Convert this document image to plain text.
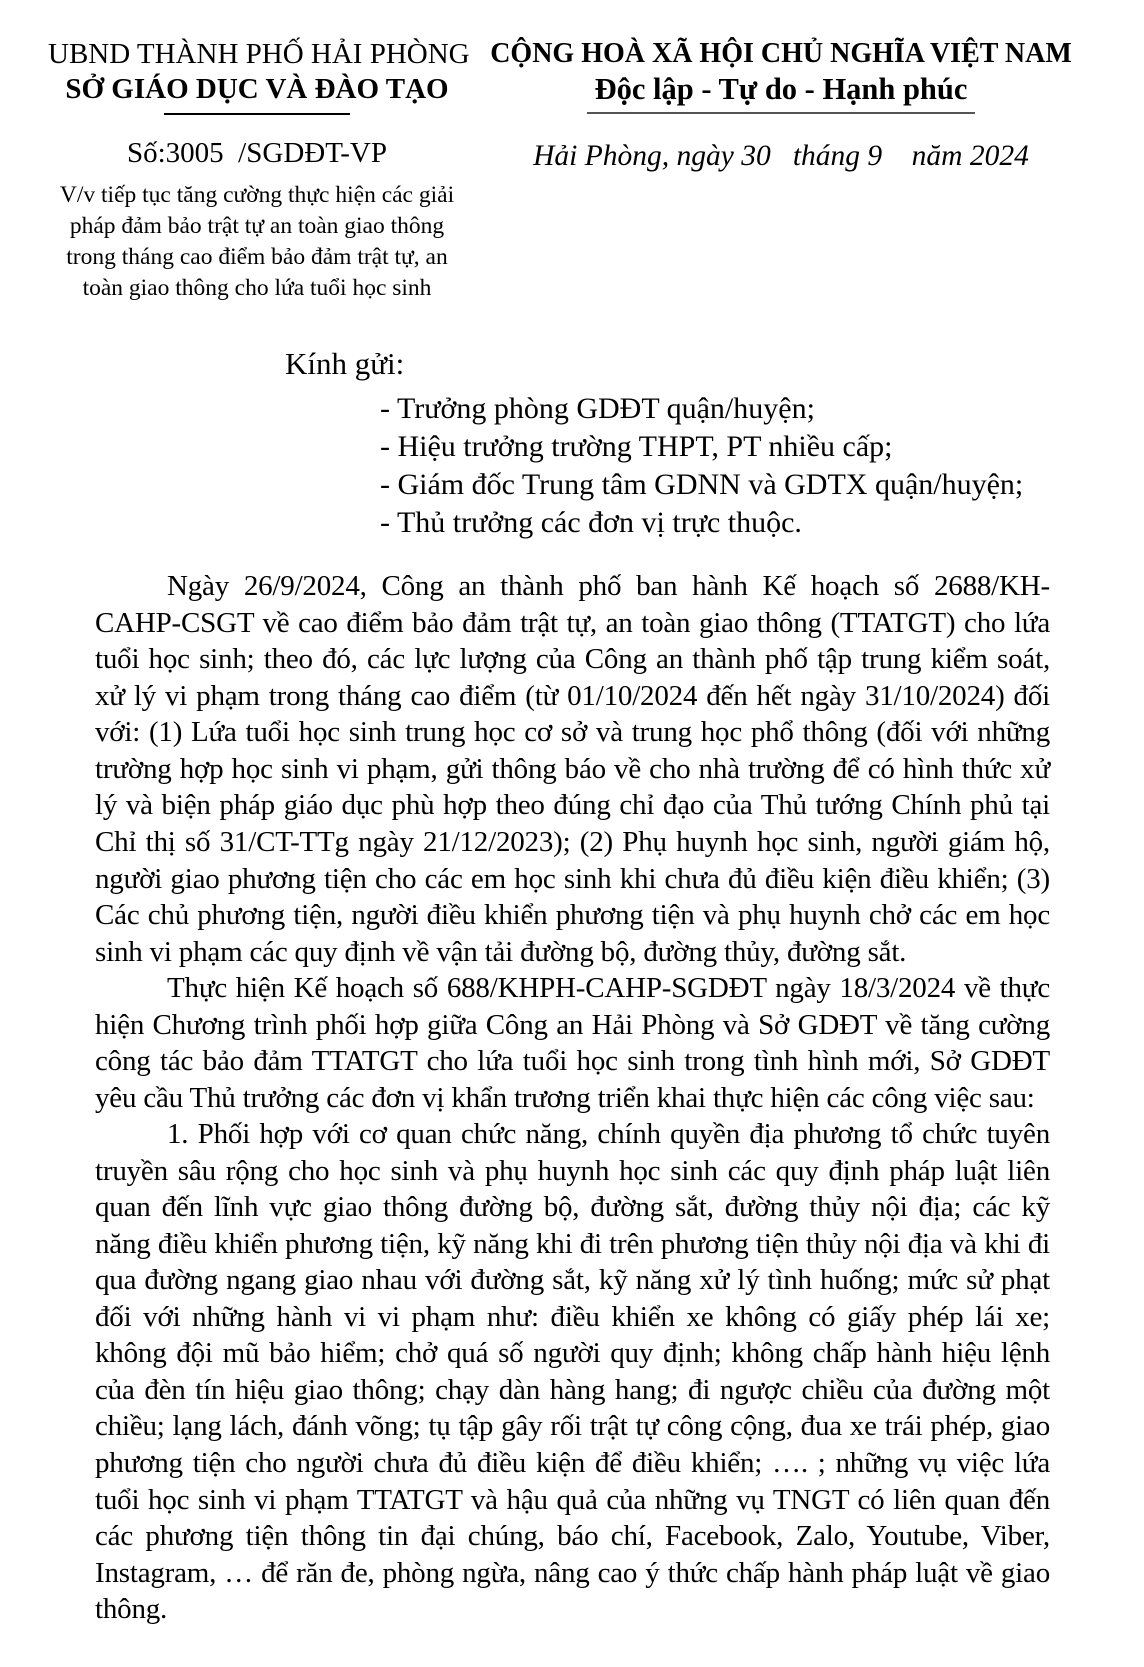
UBND THÀNH PHỐ HẢI PHÒNG
SỞ GIÁO DỤC VÀ ĐÀO TẠO
Số:3005  /SGDĐT-VP
V/v tiếp tục tăng cường thực hiện các giải pháp đảm bảo trật tự an toàn giao thông trong tháng cao điểm bảo đảm trật tự, an toàn giao thông cho lứa tuổi học sinh
CỘNG HOÀ XÃ HỘI CHỦ NGHĨA VIỆT NAM
Độc lập - Tự do - Hạnh phúc
Hải Phòng, ngày 30   tháng 9    năm 2024
Kính gửi:
- Trưởng phòng GDĐT quận/huyện;
- Hiệu trưởng trường THPT, PT nhiều cấp;
- Giám đốc Trung tâm GDNN và GDTX quận/huyện;
- Thủ trưởng các đơn vị trực thuộc.

Ngày 26/9/2024, Công an thành phố ban hành Kế hoạch số 2688/KH-CAHP-CSGT về cao điểm bảo đảm trật tự, an toàn giao thông (TTATGT) cho lứa tuổi học sinh; theo đó, các lực lượng của Công an thành phố tập trung kiểm soát, xử lý vi phạm trong tháng cao điểm (từ 01/10/2024 đến hết ngày 31/10/2024) đối với: (1) Lứa tuổi học sinh trung học cơ sở và trung học phổ thông (đối với những trường hợp học sinh vi phạm, gửi thông báo về cho nhà trường để có hình thức xử lý và biện pháp giáo dục phù hợp theo đúng chỉ đạo của Thủ tướng Chính phủ tại Chỉ thị số 31/CT-TTg ngày 21/12/2023); (2) Phụ huynh học sinh, người giám hộ, người giao phương tiện cho các em học sinh khi chưa đủ điều kiện điều khiển; (3) Các chủ phương tiện, người điều khiển phương tiện và phụ huynh chở các em học sinh vi phạm các quy định về vận tải đường bộ, đường thủy, đường sắt.

Thực hiện Kế hoạch số 688/KHPH-CAHP-SGDĐT ngày 18/3/2024 về thực hiện Chương trình phối hợp giữa Công an Hải Phòng và Sở GDĐT về tăng cường công tác bảo đảm TTATGT cho lứa tuổi học sinh trong tình hình mới, Sở GDĐT yêu cầu Thủ trưởng các đơn vị khẩn trương triển khai thực hiện các công việc sau:

1. Phối hợp với cơ quan chức năng, chính quyền địa phương tổ chức tuyên truyền sâu rộng cho học sinh và phụ huynh học sinh các quy định pháp luật liên quan đến lĩnh vực giao thông đường bộ, đường sắt, đường thủy nội địa; các kỹ năng điều khiển phương tiện, kỹ năng khi đi trên phương tiện thủy nội địa và khi đi qua đường ngang giao nhau với đường sắt, kỹ năng xử lý tình huống; mức sử phạt đối với những hành vi vi phạm như: điều khiển xe không có giấy phép lái xe; không đội mũ bảo hiểm; chở quá số người quy định; không chấp hành hiệu lệnh của đèn tín hiệu giao thông; chạy dàn hàng hang; đi ngược chiều của đường một chiều; lạng lách, đánh võng; tụ tập gây rối trật tự công cộng, đua xe trái phép, giao phương tiện cho người chưa đủ điều kiện để điều khiển; …. ; những vụ việc lứa tuổi học sinh vi phạm TTATGT và hậu quả của những vụ TNGT có liên quan đến các phương tiện thông tin đại chúng, báo chí, Facebook, Zalo, Youtube, Viber, Instagram, … để răn đe, phòng ngừa, nâng cao ý thức chấp hành pháp luật về giao thông.
